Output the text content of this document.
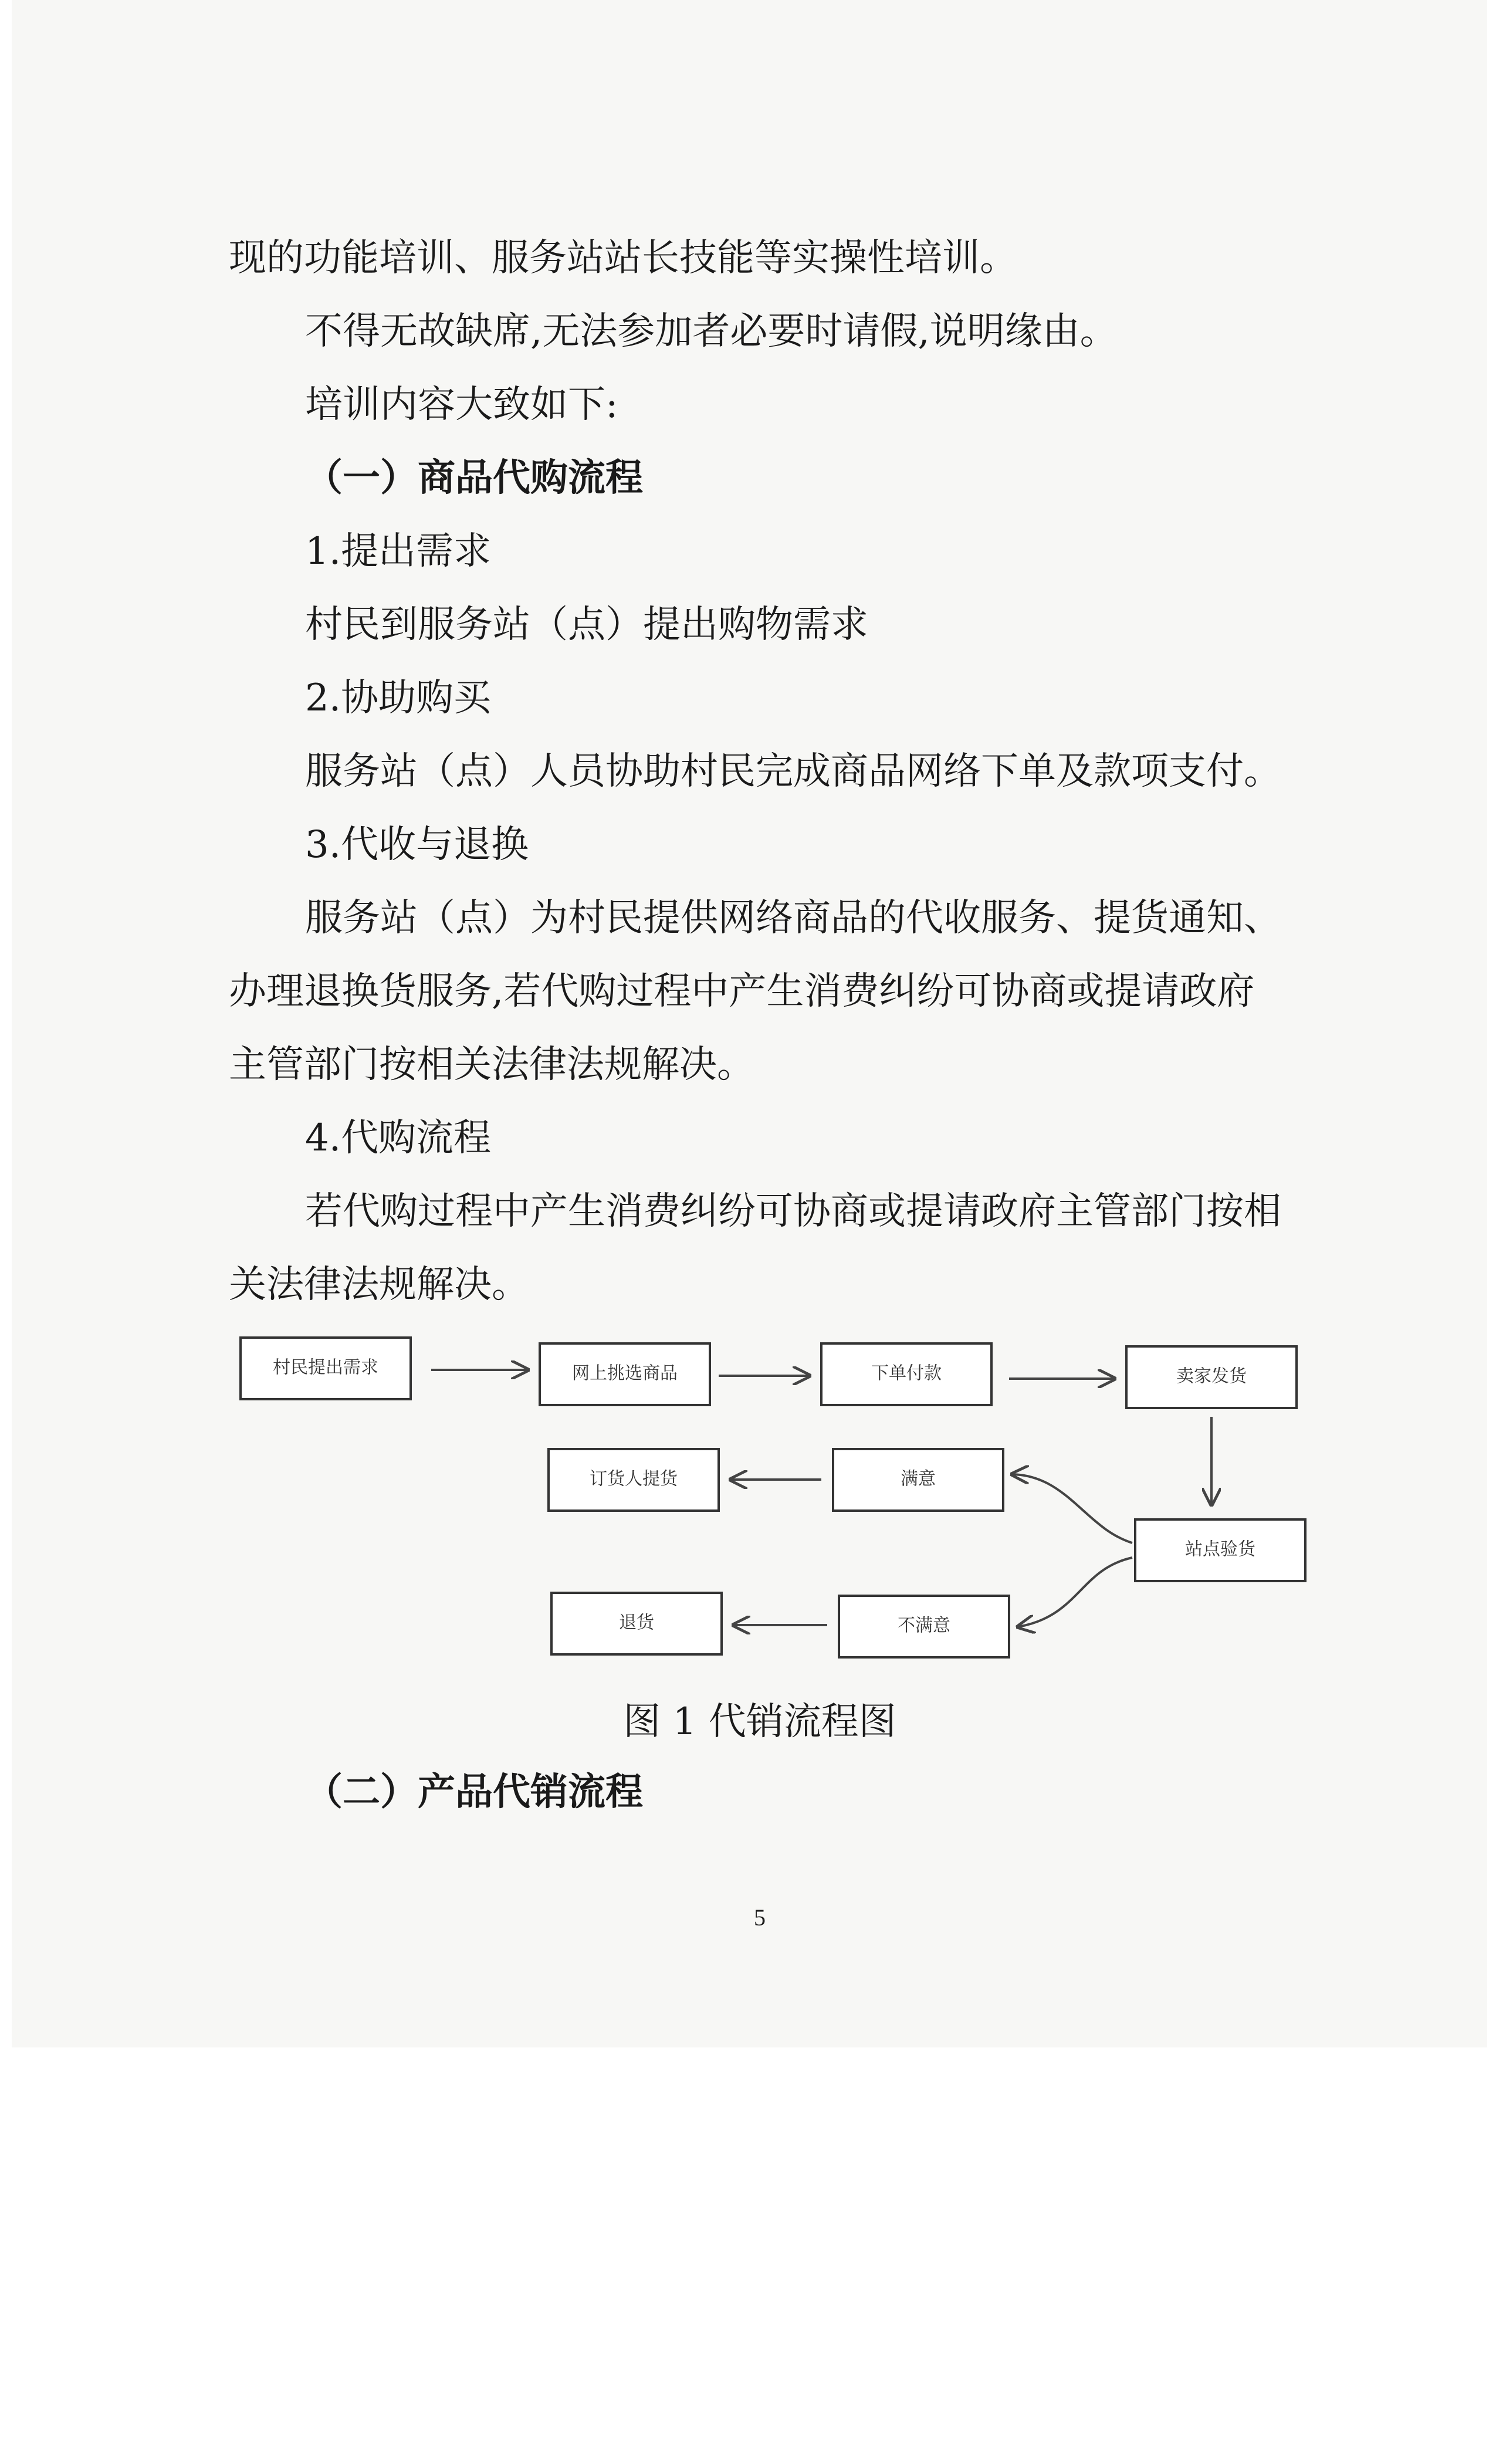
现的功能培训、服务站站长技能等实操性培训。
不得无故缺席,无法参加者必要时请假,说明缘由。
培训内容大致如下:
（一）商品代购流程
1.提出需求
村民到服务站（点）提出购物需求
2.协助购买
服务站（点）人员协助村民完成商品网络下单及款项支付。
3.代收与退换
服务站（点）为村民提供网络商品的代收服务、提货通知、
办理退换货服务,若代购过程中产生消费纠纷可协商或提请政府
主管部门按相关法律法规解决。
4.代购流程
若代购过程中产生消费纠纷可协商或提请政府主管部门按相
关法律法规解决。
村民提出需求	网上挑选商品	下单付款	卖家发货
订货人提货	满意
站点验货
退货	不满意
图 1 代销流程图
（二）产品代销流程
5
